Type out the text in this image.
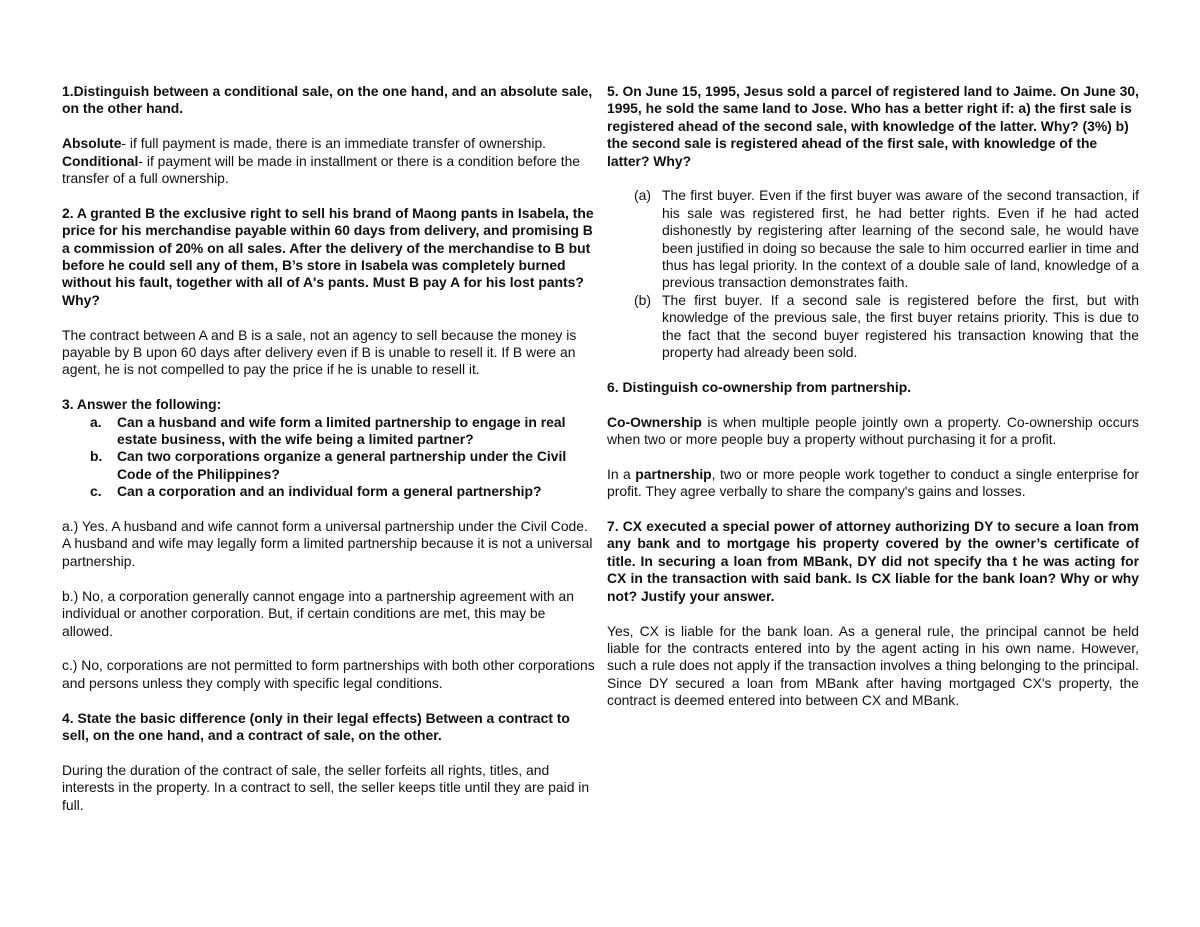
1.Distinguish between a conditional sale, on the one hand, and an absolute sale, on the other hand.

Absolute- if full payment is made, there is an immediate transfer of ownership.
Conditional- if payment will be made in installment or there is a condition before the transfer of a full ownership.

2. A granted B the exclusive right to sell his brand of Maong pants in Isabela, the price for his merchandise payable within 60 days from delivery, and promising B a commission of 20% on all sales. After the delivery of the merchandise to B but before he could sell any of them, B’s store in Isabela was completely burned without his fault, together with all of A's pants. Must B pay A for his lost pants? Why?

The contract between A and B is a sale, not an agency to sell because the money is payable by B upon 60 days after delivery even if B is unable to resell it. If B were an agent, he is not compelled to pay the price if he is unable to resell it.

3. Answer the following:

a. Can a husband and wife form a limited partnership to engage in real estate business, with the wife being a limited partner?
b. Can two corporations organize a general partnership under the Civil Code of the Philippines?
c. Can a corporation and an individual form a general partnership?

a.) Yes. A husband and wife cannot form a universal partnership under the Civil Code. A husband and wife may legally form a limited partnership because it is not a universal partnership.

b.) No, a corporation generally cannot engage into a partnership agreement with an individual or another corporation. But, if certain conditions are met, this may be allowed.

c.) No, corporations are not permitted to form partnerships with both other corporations and persons unless they comply with specific legal conditions.

4. State the basic difference (only in their legal effects) Between a contract to sell, on the one hand, and a contract of sale, on the other.

During the duration of the contract of sale, the seller forfeits all rights, titles, and interests in the property. In a contract to sell, the seller keeps title until they are paid in full.

5. On June 15, 1995, Jesus sold a parcel of registered land to Jaime. On June 30, 1995, he sold the same land to Jose. Who has a better right if: a) the first sale is registered ahead of the second sale, with knowledge of the latter. Why? (3%) b) the second sale is registered ahead of the first sale, with knowledge of the latter? Why?

(a) The first buyer. Even if the first buyer was aware of the second transaction, if his sale was registered first, he had better rights. Even if he had acted dishonestly by registering after learning of the second sale, he would have been justified in doing so because the sale to him occurred earlier in time and thus has legal priority. In the context of a double sale of land, knowledge of a previous transaction demonstrates faith.
(b) The first buyer. If a second sale is registered before the first, but with knowledge of the previous sale, the first buyer retains priority. This is due to the fact that the second buyer registered his transaction knowing that the property had already been sold.

6. Distinguish co-ownership from partnership.

Co-Ownership is when multiple people jointly own a property. Co-ownership occurs when two or more people buy a property without purchasing it for a profit.

In a partnership, two or more people work together to conduct a single enterprise for profit. They agree verbally to share the company's gains and losses.

7. CX executed a special power of attorney authorizing DY to secure a loan from any bank and to mortgage his property covered by the owner’s certificate of title. In securing a loan from MBank, DY did not specify tha t he was acting for CX in the transaction with said bank. Is CX liable for the bank loan? Why or why not? Justify your answer.

Yes, CX is liable for the bank loan. As a general rule, the principal cannot be held liable for the contracts entered into by the agent acting in his own name. However, such a rule does not apply if the transaction involves a thing belonging to the principal. Since DY secured a loan from MBank after having mortgaged CX's property, the contract is deemed entered into between CX and MBank.
